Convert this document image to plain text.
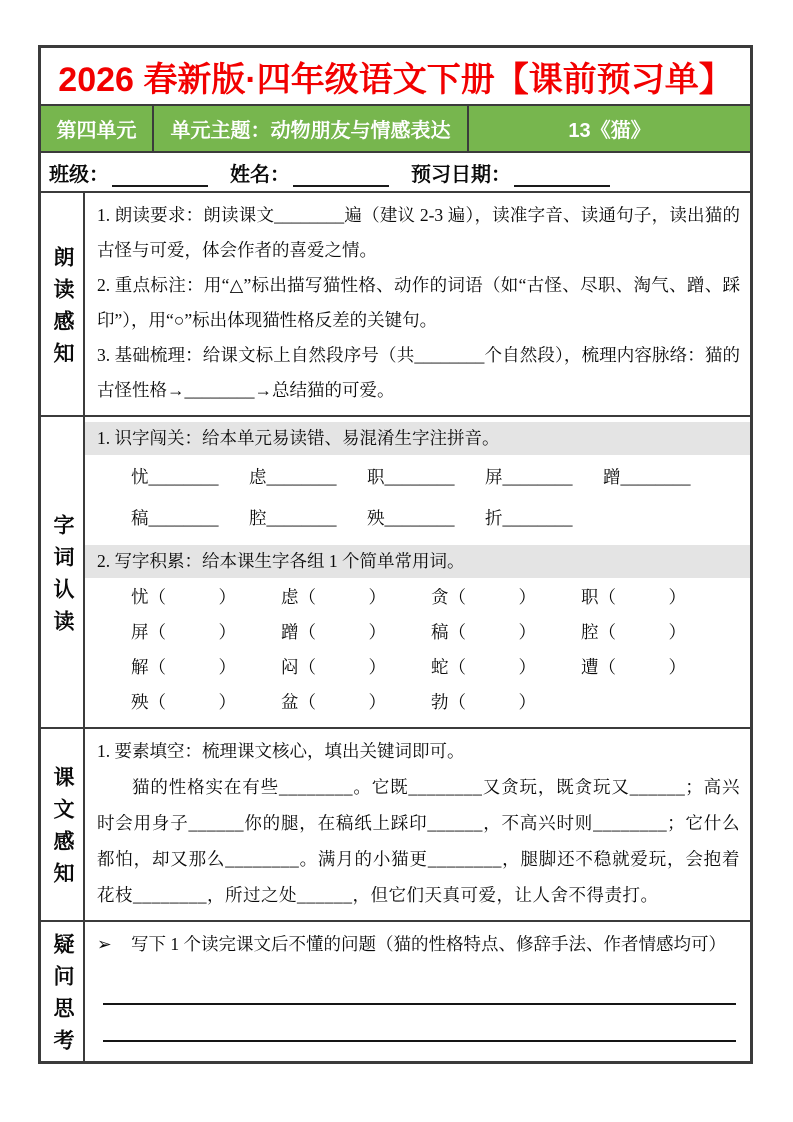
2026 春新版·四年级语文下册【课前预习单】
第四单元	单元主题：动物朋友与情感表达	13《猫》
班级：	姓名：	预习日期：
朗读感知

1. 朗读要求：朗读课文________遍（建议 2-3 遍），读准字音、读通句子，读出猫的古怪与可爱，体会作者的喜爱之情。

2. 重点标注：用“△”标出描写猫性格、动作的词语（如“古怪、尽职、淘气、蹭、踩印”），用“○”标出体现猫性格反差的关键句。

3. 基础梳理：给课文标上自然段序号（共________个自然段），梳理内容脉络：猫的古怪性格→________→总结猫的可爱。

字词认读
1. 识字闯关：给本单元易读错、易混淆生字注拼音。
忧________	虑________	职________	屏________	蹭________
稿________	腔________	殃________	折________
2. 写字积累：给本课生字各组 1 个简单常用词。
忧（　　　）	虑（　　　）	贪（　　　）	职（　　　）
屏（　　　）	蹭（　　　）	稿（　　　）	腔（　　　）
解（　　　）	闷（　　　）	蛇（　　　）	遭（　　　）
殃（　　　）	盆（　　　）	勃（　　　）
课文感知

1. 要素填空：梳理课文核心，填出关键词即可。

猫的性格实在有些________。它既________又贪玩，既贪玩又______；高兴时会用身子______你的腿，在稿纸上踩印______，不高兴时则________；它什么都怕，却又那么________。满月的小猫更________，腿脚还不稳就爱玩，会抱着花枝________，所过之处______，但它们天真可爱，让人舍不得责打。

疑问思考 ➢ 写下 1 个读完课文后不懂的问题（猫的性格特点、修辞手法、作者情感均可）
